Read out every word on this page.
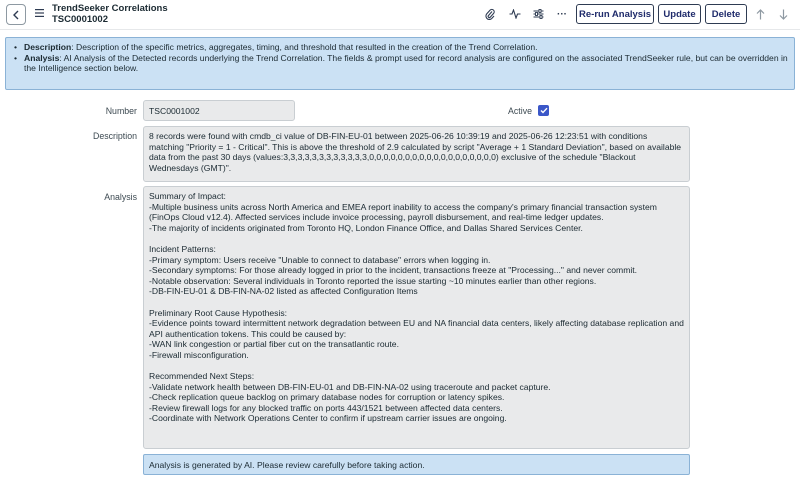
TrendSeeker Correlations
TSC0001002	···	Re-run Analysis	Update	Delete
• Description: Description of the specific metrics, aggregates, timing, and threshold that resulted in the creation of the Trend Correlation.
• Analysis: AI Analysis of the Detected records underlying the Trend Correlation. The fields & prompt used for record analysis are configured on the associated TrendSeeker rule, but can be overridden in the Intelligence section below.
Number	TSC0001002	Active
Description	8 records were found with cmdb_ci value of DB-FIN-EU-01 between 2025-06-26 10:39:19 and 2025-06-26 12:23:51 with conditions matching "Priority = 1 - Critical". This is above the threshold of 2.9 calculated by script "Average + 1 Standard Deviation", based on available data from the past 30 days (values:3,3,3,3,3,3,3,3,3,3,3,3,0,0,0,0,0,0,0,0,0,0,0,0,0,0,0,0,0,0) exclusive of the schedule "Blackout Wednesdays (GMT)".
Analysis	Summary of Impact:
-Multiple business units across North America and EMEA report inability to access the company's primary financial transaction system (FinOps Cloud v12.4). Affected services include invoice processing, payroll disbursement, and real-time ledger updates.
-The majority of incidents originated from Toronto HQ, London Finance Office, and Dallas Shared Services Center.

Incident Patterns:
-Primary symptom: Users receive "Unable to connect to database" errors when logging in.
-Secondary symptoms: For those already logged in prior to the incident, transactions freeze at "Processing..." and never commit.
-Notable observation: Several individuals in Toronto reported the issue starting ~10 minutes earlier than other regions.
-DB-FIN-EU-01 & DB-FIN-NA-02 listed as affected Configuration Items

Preliminary Root Cause Hypothesis:
-Evidence points toward intermittent network degradation between EU and NA financial data centers, likely affecting database replication and API authentication tokens. This could be caused by:
-WAN link congestion or partial fiber cut on the transatlantic route.
-Firewall misconfiguration.

Recommended Next Steps:
-Validate network health between DB-FIN-EU-01 and DB-FIN-NA-02 using traceroute and packet capture.
-Check replication queue backlog on primary database nodes for corruption or latency spikes.
-Review firewall logs for any blocked traffic on ports 443/1521 between affected data centers.
-Coordinate with Network Operations Center to confirm if upstream carrier issues are ongoing.
Analysis is generated by AI. Please review carefully before taking action.
